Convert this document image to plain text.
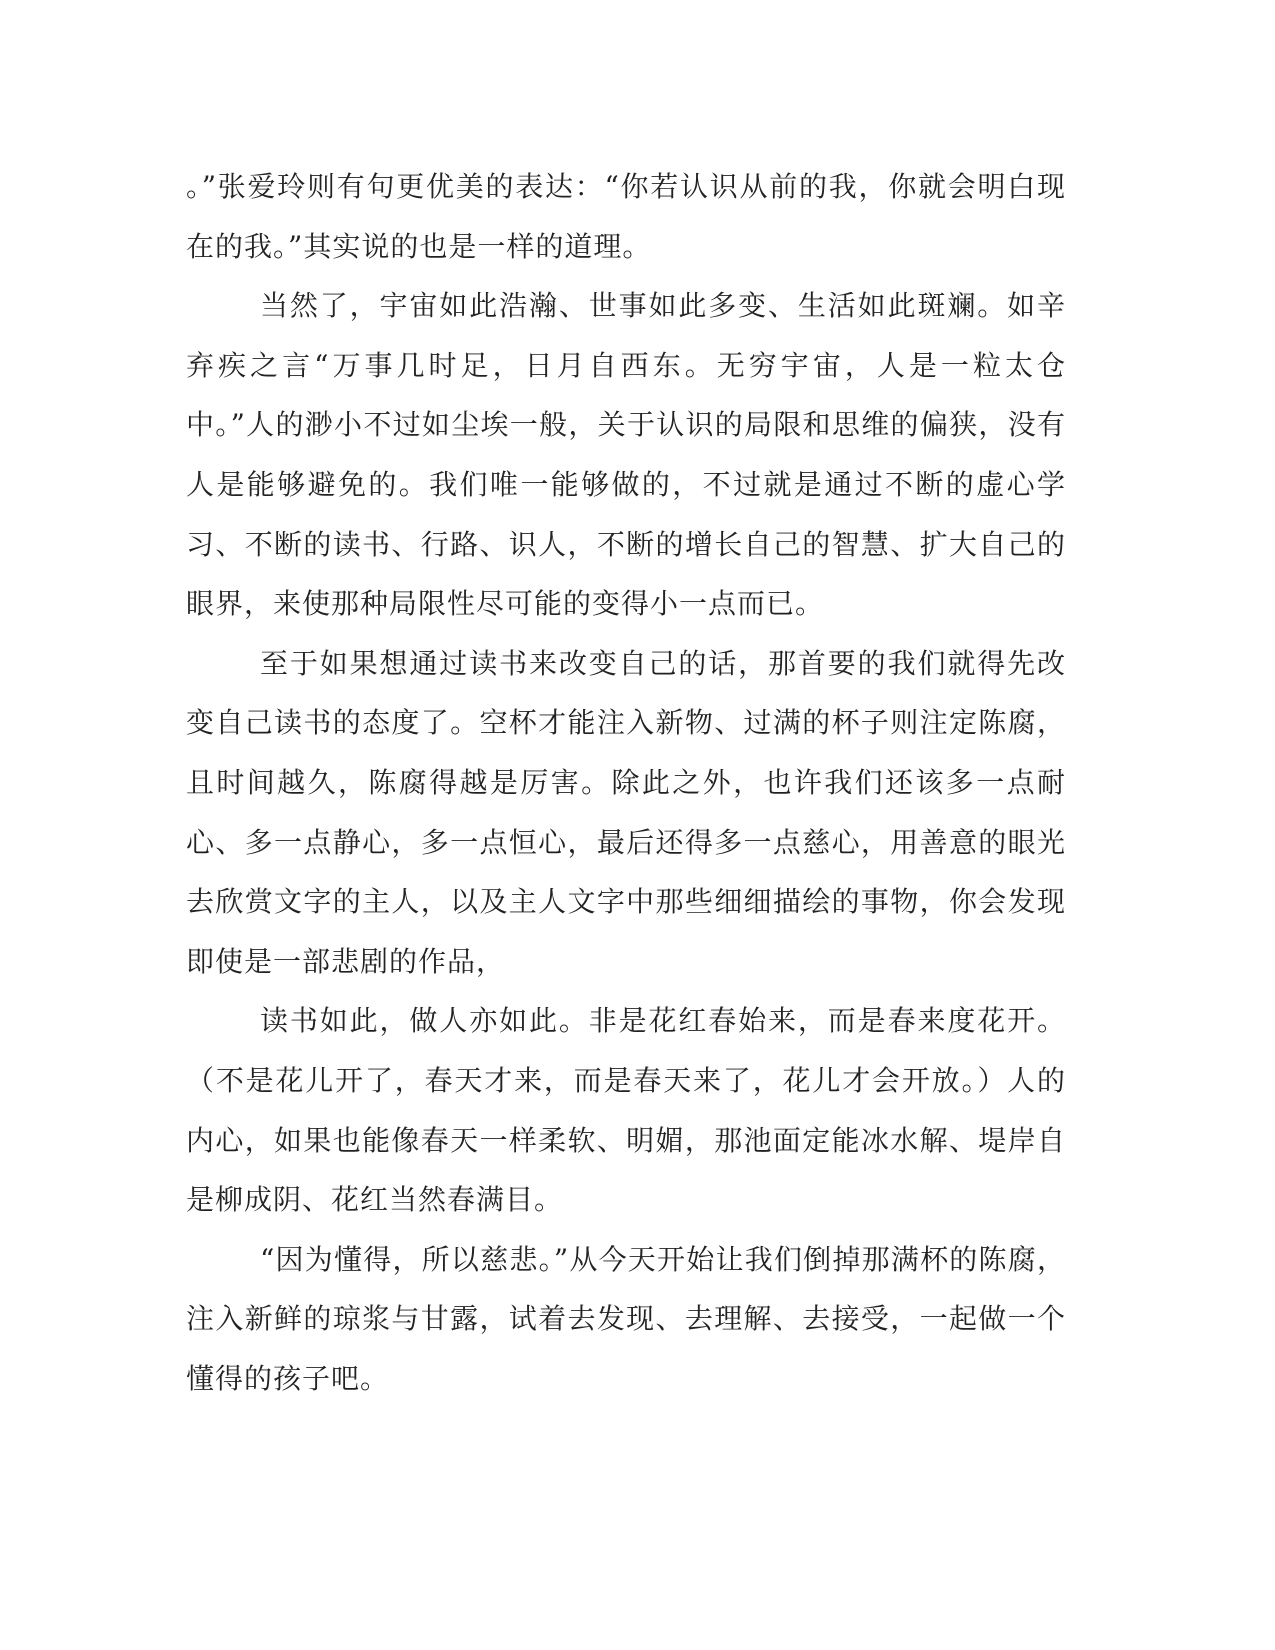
。”张爱玲则有句更优美的表达：“你若认识从前的我，你就会明白现在的我。”其实说的也是一样的道理。

当然了，宇宙如此浩瀚、世事如此多变、生活如此斑斓。如辛弃疾之言“万事几时足，日月自西东。无穷宇宙，人是一粒太仓中。”人的渺小不过如尘埃一般，关于认识的局限和思维的偏狭，没有人是能够避免的。我们唯一能够做的，不过就是通过不断的虚心学习、不断的读书、行路、识人，不断的增长自己的智慧、扩大自己的眼界，来使那种局限性尽可能的变得小一点而已。

至于如果想通过读书来改变自己的话，那首要的我们就得先改变自己读书的态度了。空杯才能注入新物、过满的杯子则注定陈腐，且时间越久，陈腐得越是厉害。除此之外，也许我们还该多一点耐心、多一点静心，多一点恒心，最后还得多一点慈心，用善意的眼光去欣赏文字的主人，以及主人文字中那些细细描绘的事物，你会发现即使是一部悲剧的作品，

读书如此，做人亦如此。非是花红春始来，而是春来度花开。（不是花儿开了，春天才来，而是春天来了，花儿才会开放。）人的内心，如果也能像春天一样柔软、明媚，那池面定能冰水解、堤岸自是柳成阴、花红当然春满目。

“因为懂得，所以慈悲。”从今天开始让我们倒掉那满杯的陈腐，注入新鲜的琼浆与甘露，试着去发现、去理解、去接受，一起做一个懂得的孩子吧。
